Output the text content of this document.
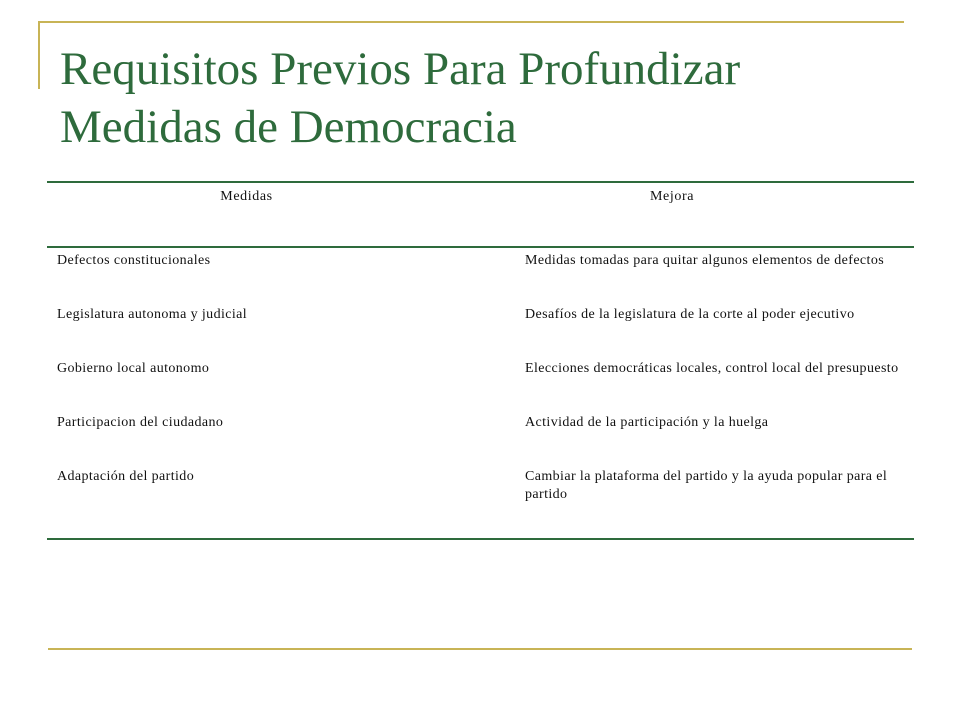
Requisitos Previos Para Profundizar
Medidas de Democracia
Medidas	Mejora
Defectos constitucionales	Medidas tomadas para quitar algunos elementos de defectos
Legislatura autonoma y judicial	Desafíos de la legislatura de la corte al poder ejecutivo
Gobierno local autonomo	Elecciones democráticas locales, control local del presupuesto
Participacion del ciudadano	Actividad de la participación y la huelga
Adaptación del partido	Cambiar la plataforma del partido y la ayuda popular para el partido
